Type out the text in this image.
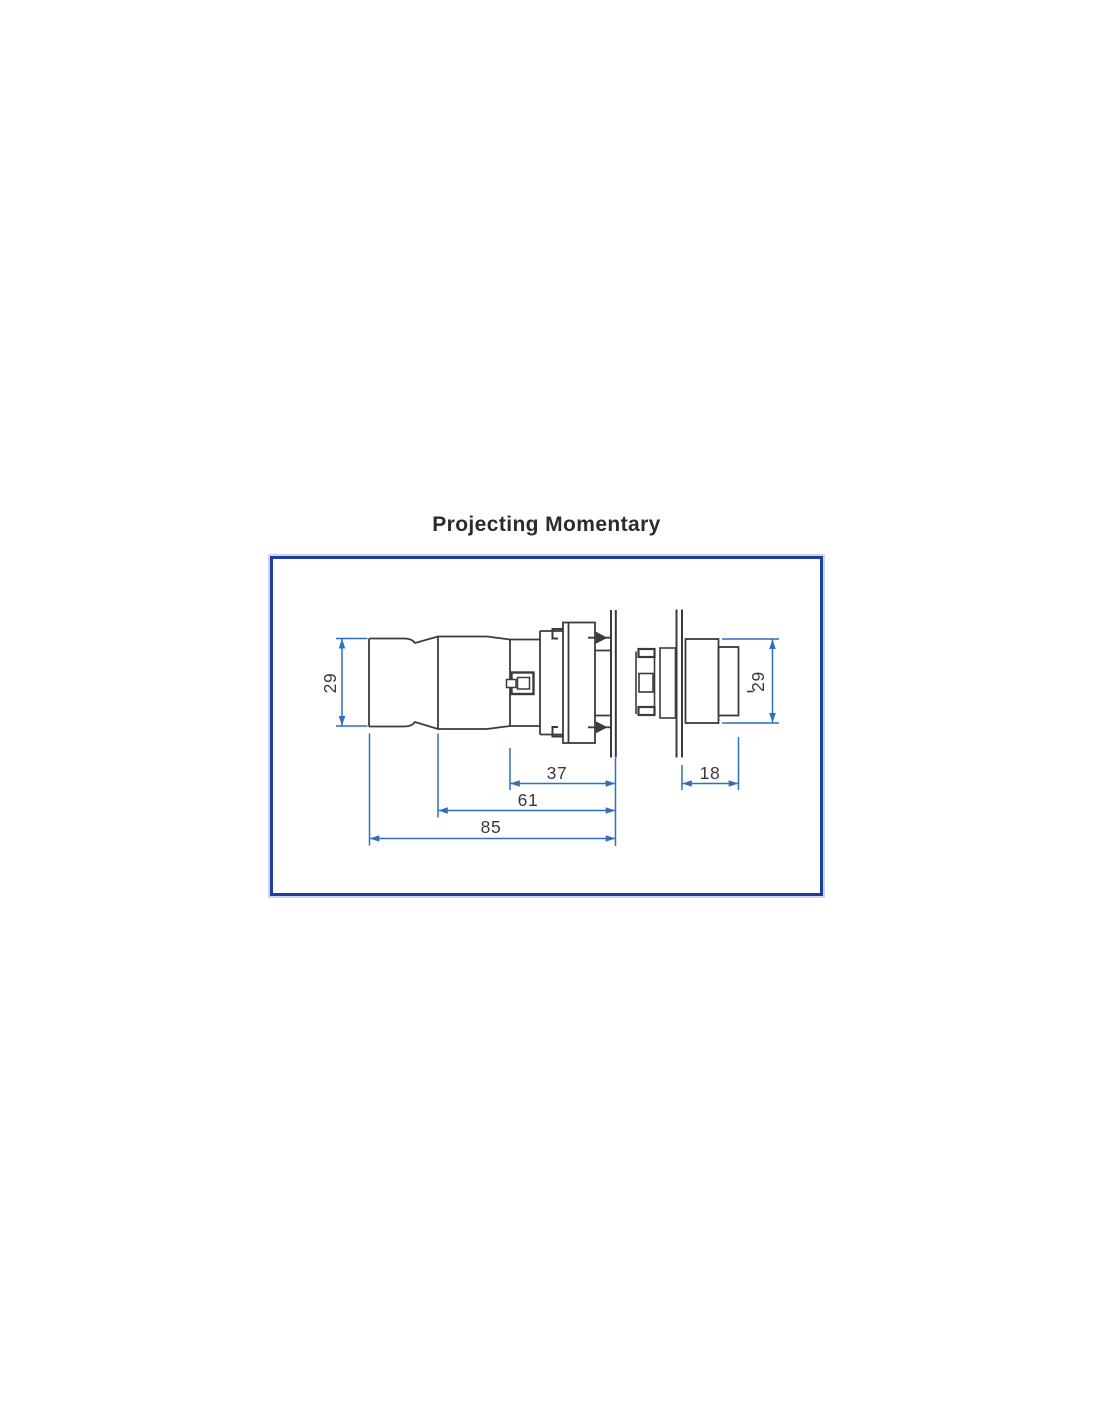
Projecting Momentary
29
37
61
85
18
29
